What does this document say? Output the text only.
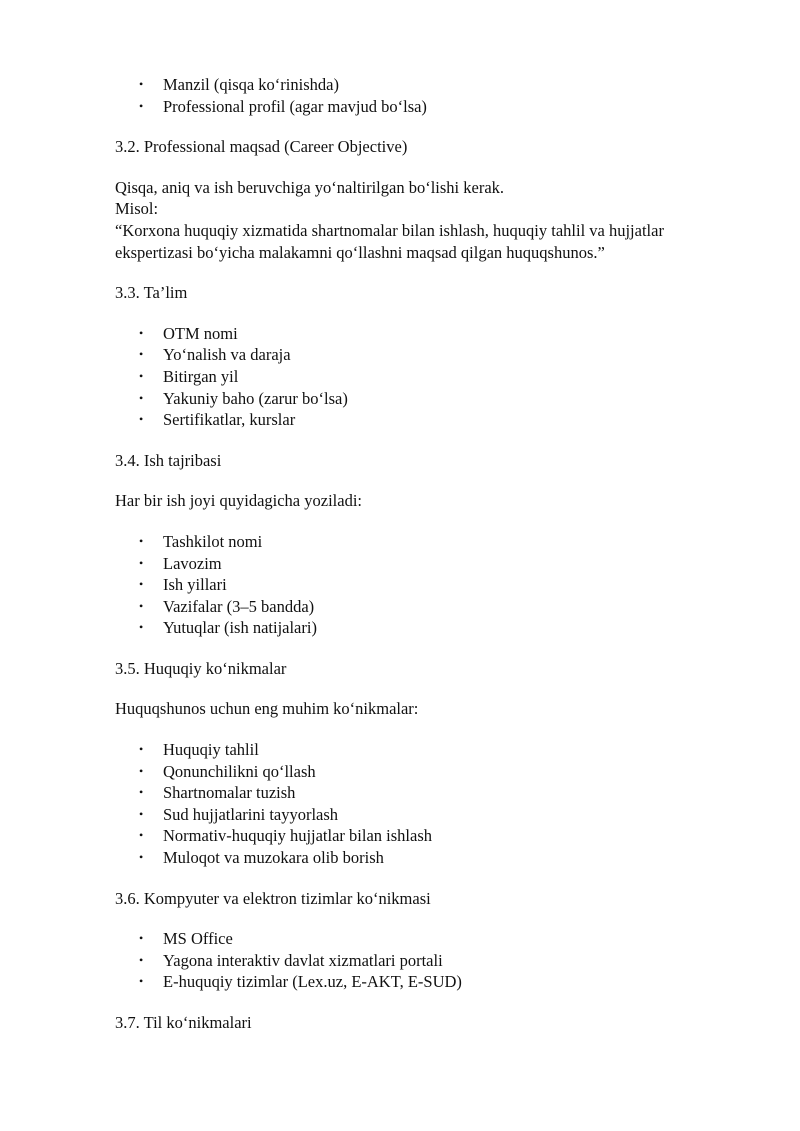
• Manzil (qisqa ko‘rinishda)
• Professional profil (agar mavjud bo‘lsa)
3.2. Professional maqsad (Career Objective)
Qisqa, aniq va ish beruvchiga yo‘naltirilgan bo‘lishi kerak.
Misol:
“Korxona huquqiy xizmatida shartnomalar bilan ishlash, huquqiy tahlil va hujjatlar
ekspertizasi bo‘yicha malakamni qo‘llashni maqsad qilgan huquqshunos.”
3.3. Ta’lim
• OTM nomi
• Yo‘nalish va daraja
• Bitirgan yil
• Yakuniy baho (zarur bo‘lsa)
• Sertifikatlar, kurslar
3.4. Ish tajribasi
Har bir ish joyi quyidagicha yoziladi:
• Tashkilot nomi
• Lavozim
• Ish yillari
• Vazifalar (3–5 bandda)
• Yutuqlar (ish natijalari)
3.5. Huquqiy ko‘nikmalar
Huquqshunos uchun eng muhim ko‘nikmalar:
• Huquqiy tahlil
• Qonunchilikni qo‘llash
• Shartnomalar tuzish
• Sud hujjatlarini tayyorlash
• Normativ-huquqiy hujjatlar bilan ishlash
• Muloqot va muzokara olib borish
3.6. Kompyuter va elektron tizimlar ko‘nikmasi
• MS Office
• Yagona interaktiv davlat xizmatlari portali
• E-huquqiy tizimlar (Lex.uz, E-AKT, E-SUD)
3.7. Til ko‘nikmalari
